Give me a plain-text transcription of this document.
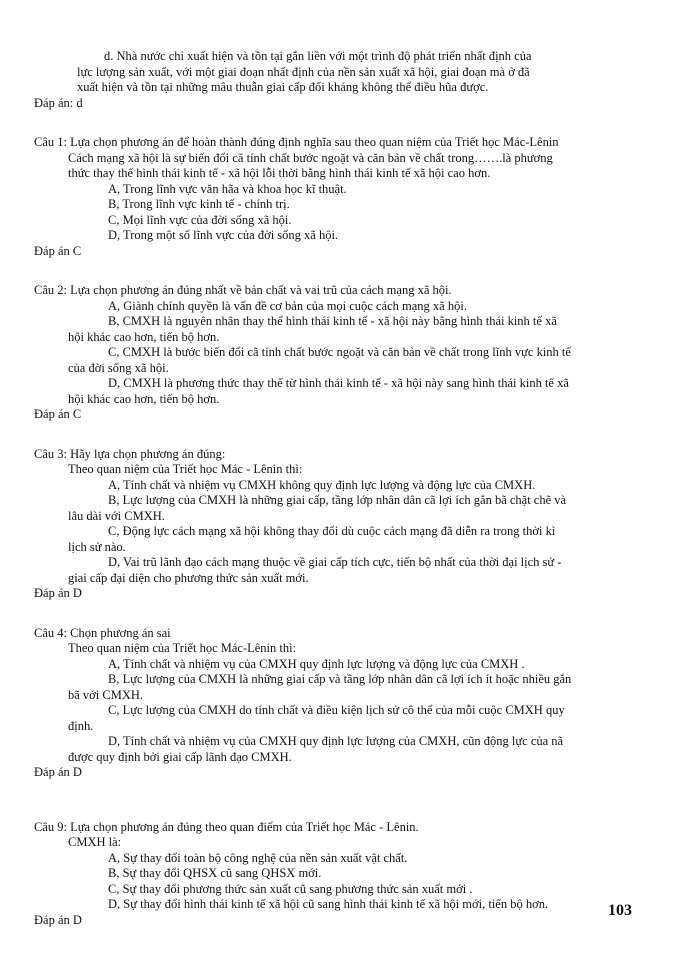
d. Nhà nước chỉ xuất hiện và tồn tại gắn liền với một trình độ phát triển nhất định của
lực lượng sản xuất, với một giai đoạn nhất định của nền sản xuất xã hội, giai đoạn mà ở đã
xuất hiện và tồn tại những mâu thuẫn giai cấp đối kháng không thể điều hũa được.
Đáp án: d
Câu 1: Lựa chọn phương án để hoàn thành đúng định nghĩa sau theo quan niệm của Triết học Mác-Lênin
Cách mạng xã hội là sự biến đổi cã tính chất bước ngoặt và căn bản về chất trong…….là phương
thức thay thế hình thái kinh tế - xã hội lỗi thời bằng hình thái kinh tế xã hội cao hơn.
A, Trong lĩnh vực văn hãa và khoa học kĩ thuật.
B, Trong lĩnh vực kinh tế - chính trị.
C, Mọi lĩnh vực của đời sống xã hội.
D, Trong một số lĩnh vực của đời sống xã hội.
Đáp án C
Câu 2: Lựa chọn phương án đúng nhất về bản chất và vai trũ của cách mạng xã hội.
A, Giành chính quyền là vấn đề cơ bản của mọi cuộc cách mạng xã hội.
B, CMXH là nguyên nhân thay thế hình thái kinh tế - xã hội này bằng hình thái kinh tế xã
hội khác cao hơn, tiến bộ hơn.
C, CMXH là bước biến đổi cã tính chất bước ngoặt và căn bản về chất trong lĩnh vực kinh tế
của đời sống xã hội.
D, CMXH là phương thức thay thế từ hình thái kinh tế - xã hội này sang hình thái kinh tế xã
hội khác cao hơn, tiến bộ hơn.
Đáp án C
Câu 3: Hãy lựa chọn phương án đúng:
Theo quan niệm của Triết học Mác - Lênin thì:
A, Tính chất và nhiệm vụ CMXH không quy định lực lượng và động lực của CMXH.
B, Lực lượng của CMXH là những giai cấp, tầng lớp nhân dân cã lợi ích gắn bã chặt chẽ và
lâu dài với CMXH.
C, Động lực cách mạng xã hội không thay đổi dù cuộc cách mạng đã diễn ra trong thời kì
lịch sử nào.
D, Vai trũ lãnh đạo cách mạng thuộc về giai cấp tích cực, tiến bộ nhất của thời đại lịch sử -
giai cấp đại diện cho phương thức sản xuất mới.
Đáp án D
Câu 4: Chọn phương án sai
Theo quan niệm của Triết học Mác-Lênin thì:
A, Tính chất và nhiệm vụ của CMXH quy định lực lượng và động lực của CMXH .
B, Lực lượng của CMXH là những giai cấp và tầng lớp nhân dân cã lợi ích ít hoặc nhiều gắn
bã với CMXH.
C, Lực lượng của CMXH do tính chất và điều kiện lịch sử cô thể của mỗi cuộc CMXH quy
định.
D, Tính chất và nhiệm vụ của CMXH quy định lực lượng của CMXH, cũn động lực của nã
được quy định bởi giai cấp lãnh đạo CMXH.
Đáp án D
Câu 9: Lựa chọn phương án đúng theo quan điểm của Triết học Mác - Lênin.
CMXH là:
A, Sự thay đổi toàn bộ công nghệ của nền sản xuất vật chất.
B, Sự thay đổi QHSX cũ sang QHSX mới.
C, Sự thay đổi phương thức sản xuất cũ sang phương thức sản xuất mới .
D, Sự thay đổi hình thái kinh tế xã hội cũ sang hình thái kinh tế xã hội mới, tiến bộ hơn.
Đáp án D
103
